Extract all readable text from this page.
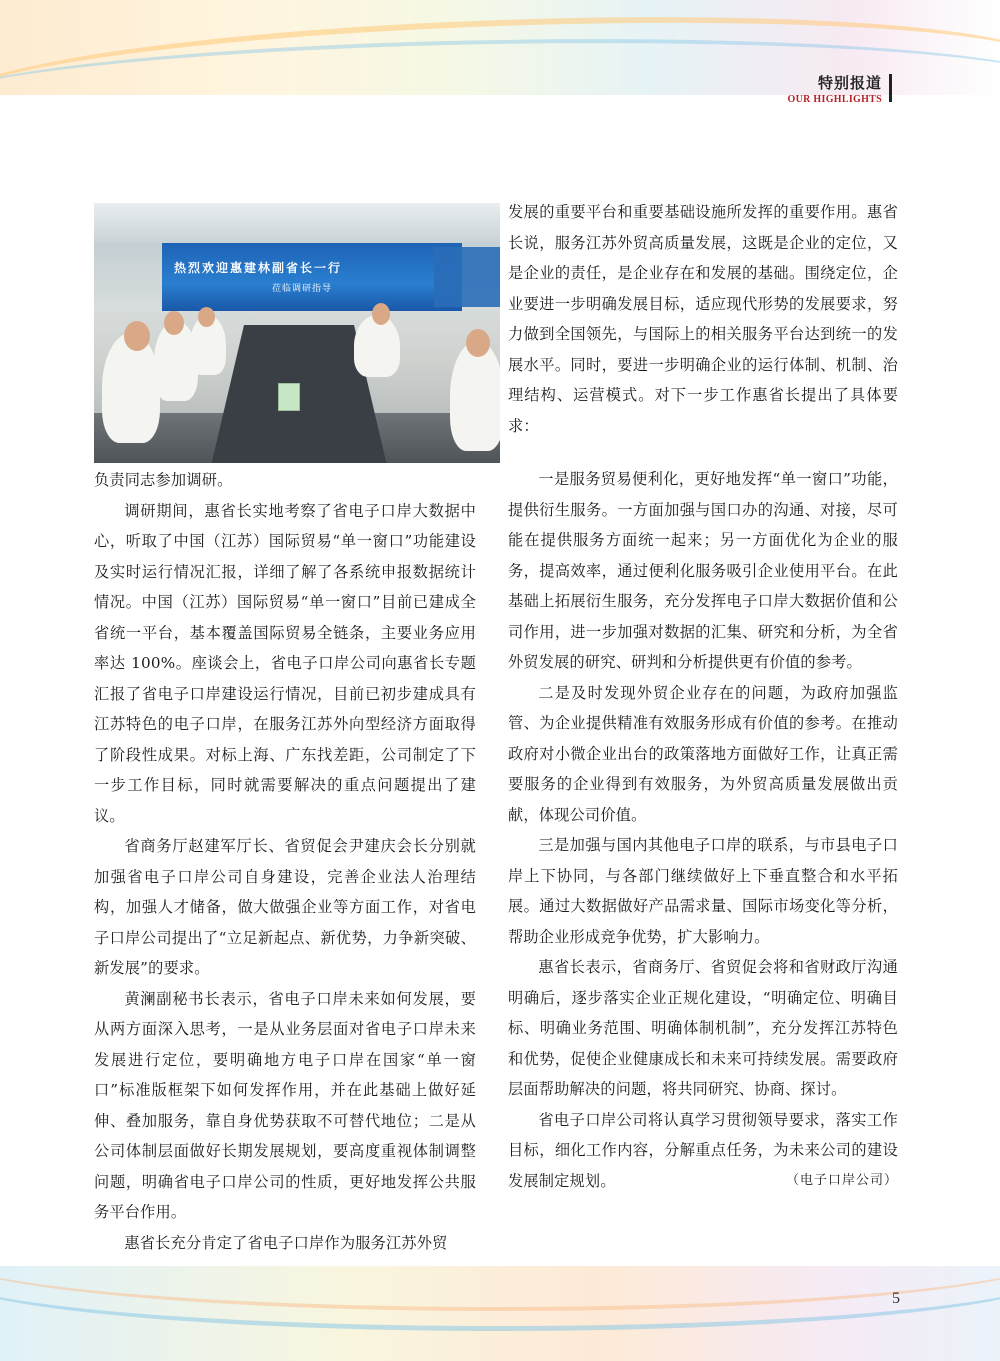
特别报道
OUR HIGHLIGHTS
热烈欢迎惠建林副省长一行
莅临调研指导

发展的重要平台和重要基础设施所发挥的重要作用。惠省长说，服务江苏外贸高质量发展，这既是企业的定位，又是企业的责任，是企业存在和发展的基础。围绕定位，企业要进一步明确发展目标，适应现代形势的发展要求，努力做到全国领先，与国际上的相关服务平台达到统一的发展水平。同时，要进一步明确企业的运行体制、机制、治理结构、运营模式。对下一步工作惠省长提出了具体要求：

负责同志参加调研。

调研期间，惠省长实地考察了省电子口岸大数据中心，听取了中国（江苏）国际贸易“单一窗口”功能建设及实时运行情况汇报，详细了解了各系统申报数据统计情况。中国（江苏）国际贸易“单一窗口”目前已建成全省统一平台，基本覆盖国际贸易全链条，主要业务应用率达 100%。座谈会上，省电子口岸公司向惠省长专题汇报了省电子口岸建设运行情况，目前已初步建成具有江苏特色的电子口岸，在服务江苏外向型经济方面取得了阶段性成果。对标上海、广东找差距，公司制定了下一步工作目标，同时就需要解决的重点问题提出了建议。

省商务厅赵建军厅长、省贸促会尹建庆会长分别就加强省电子口岸公司自身建设，完善企业法人治理结构，加强人才储备，做大做强企业等方面工作，对省电子口岸公司提出了“立足新起点、新优势，力争新突破、新发展”的要求。

黄澜副秘书长表示，省电子口岸未来如何发展，要从两方面深入思考，一是从业务层面对省电子口岸未来发展进行定位，要明确地方电子口岸在国家“单一窗口”标准版框架下如何发挥作用，并在此基础上做好延伸、叠加服务，靠自身优势获取不可替代地位；二是从公司体制层面做好长期发展规划，要高度重视体制调整问题，明确省电子口岸公司的性质，更好地发挥公共服务平台作用。

惠省长充分肯定了省电子口岸作为服务江苏外贸

一是服务贸易便利化，更好地发挥“单一窗口”功能，提供衍生服务。一方面加强与国口办的沟通、对接，尽可能在提供服务方面统一起来；另一方面优化为企业的服务，提高效率，通过便利化服务吸引企业使用平台。在此基础上拓展衍生服务，充分发挥电子口岸大数据价值和公司作用，进一步加强对数据的汇集、研究和分析，为全省外贸发展的研究、研判和分析提供更有价值的参考。

二是及时发现外贸企业存在的问题，为政府加强监管、为企业提供精准有效服务形成有价值的参考。在推动政府对小微企业出台的政策落地方面做好工作，让真正需要服务的企业得到有效服务，为外贸高质量发展做出贡献，体现公司价值。

三是加强与国内其他电子口岸的联系，与市县电子口岸上下协同，与各部门继续做好上下垂直整合和水平拓展。通过大数据做好产品需求量、国际市场变化等分析，帮助企业形成竞争优势，扩大影响力。

惠省长表示，省商务厅、省贸促会将和省财政厅沟通明确后，逐步落实企业正规化建设，“明确定位、明确目标、明确业务范围、明确体制机制”，充分发挥江苏特色和优势，促使企业健康成长和未来可持续发展。需要政府层面帮助解决的问题，将共同研究、协商、探讨。

省电子口岸公司将认真学习贯彻领导要求，落实工作目标，细化工作内容，分解重点任务，为未来公司的建设发展制定规划。	（电子口岸公司）

5
